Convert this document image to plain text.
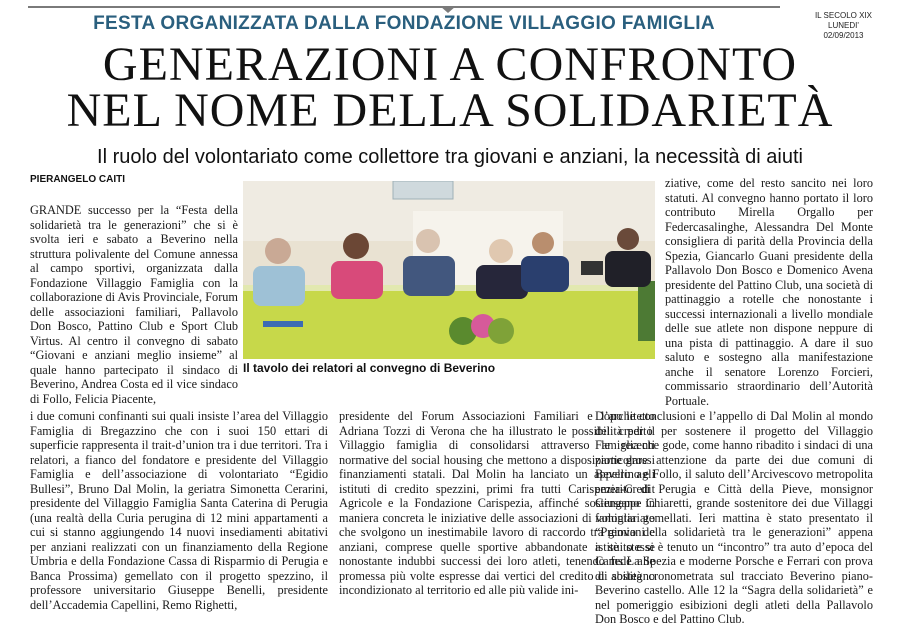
FESTA ORGANIZZATA DALLA FONDAZIONE VILLAGGIO FAMIGLIA	IL SECOLO XIX
LUNEDI'
02/09/2013
GENERAZIONI A CONFRONTO
NEL NOME DELLA SOLIDARIETÀ
Il ruolo del volontariato come collettore tra giovani e anziani, la necessità di aiuti
PIERANGELO CAITI

GRANDE successo per la “Festa della solidarietà tra le generazioni” che si è svolta ieri e sabato a Beverino nella struttura polivalente del Comune annessa al campo sportivi, organizzata dalla Fondazione Villaggio Famiglia con la collaborazione di Avis Provinciale, Forum delle associazioni familiari, Pallavolo Don Bosco, Pattino Club e Sport Club Virtus. Al centro il convegno di sabato “Giovani e anziani meglio insieme” al quale hanno partecipato il sindaco di Beverino, Andrea Costa ed il vice sindaco di Follo, Felicia Piacente,

Il tavolo dei relatori al convegno di Beverino

i due comuni confinanti sui quali insiste l’area del Villaggio Famiglia di Bregazzino che con i suoi 150 ettari di superficie rappresenta il trait-d’union tra i due territori. Tra i relatori, a fianco del fondatore e presidente del Villaggio Famiglia e dell’associazione di volontariato “Egidio Bullesi”, Bruno Dal Molin, la geriatra Simonetta Cerarini, presidente del Villaggio Famiglia Santa Caterina di Perugia (una realtà della Curia perugina di 12 mini appartamenti a cui si stanno aggiungendo 14 nuovi insediamenti abitativi per anziani realizzati con un finanziamento della Regione Umbria e della Fondazione Cassa di Risparmio di Perugia e Banca Prossima) gemellato con il progetto spezzino, il professore universitario Giuseppe Benelli, presidente dell’Accademia Capellini, Remo Righetti,

presidente del Forum Associazioni Familiari e l’architetto Adriana Tozzi di Verona che ha illustrato le possibilità per il Villaggio famiglia di consolidarsi attraverso le recenti normative del social housing che mettono a disposizione grossi finanziamenti statali. Dal Molin ha lanciato un appello agli istituti di credito spezzini, primi fra tutti Carispezia-Credit Agricole e la Fondazione Carispezia, affinché sostengano in maniera concreta le iniziative delle associazioni di volontariato che svolgono un inestimabile lavoro di raccordo tra giovani e anziani, comprese quelle sportive abbandonate a sè stesse nonostante indubbi successi dei loro atleti, tenendo fede alle promessa più volte espresse dai vertici del credito di sostegno incondizionato al territorio ed alle più valide ini-

ziative, come del resto sancito nei loro statuti. Al convegno hanno portato il loro contributo Mirella Orgallo per Federcasalinghe, Alessandra Del Monte consigliera di parità della Provincia della Spezia, Giancarlo Guani presidente della Pallavolo Don Bosco e Domenico Avena presidente del Pattino Club, una società di pattinaggio a rotelle che nonostante i successi internazionali a livello mondiale delle sue atlete non dispone neppure di una pista di pattinaggio. A dare il suo saluto e sostegno alla manifestazione anche il senatore Lorenzo Forcieri, commissario straordinario dell’Autorità Portuale.

Dopo le conclusioni e l’appello di Dal Molin al mondo del credito per sostenere il progetto del Villaggio Famiglia che gode, come hanno ribadito i sindaci di una particolare attenzione da parte dei due comuni di Beverino e Follo, il saluto dell’Arcivescovo metropolita emerito di Perugia e Città della Pieve, monsignor Giuseppe Chiaretti, grande sostenitore dei due Villaggi famiglia gemellati. Ieri mattina è stato presentato il “Premio della solidarietà tra le generazioni” appena istituito e si è tenuto un “incontro” tra auto d’epoca del Cams La Spezia e moderne Porsche e Ferrari con prova di abilità cronometrata sul tracciato Beverino piano-Beverino castello. Alle 12 la “Sagra della solidarietà” e nel pomeriggio esibizioni degli atleti della Pallavolo Don Bosco e del Pattino Club.
